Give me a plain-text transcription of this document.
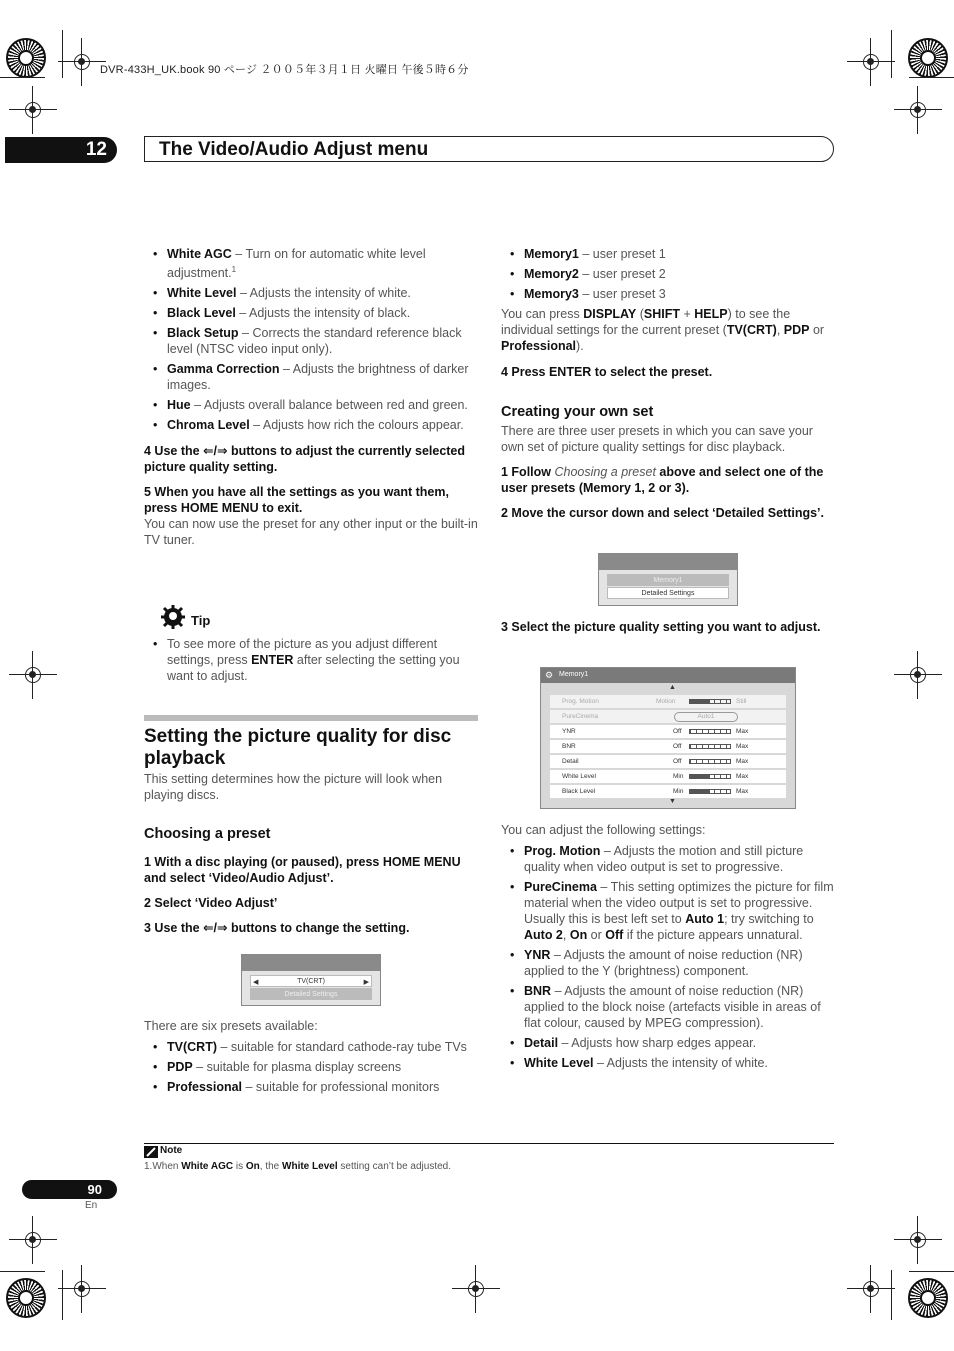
DVR-433H_UK.book 90 ページ ２００５年３月１日 火曜日 午後５時６分
12	The Video/Audio Adjust menu
• White AGC – Turn on for automatic white level adjustment.$^1$
• White Level – Adjusts the intensity of white.
• Black Level – Adjusts the intensity of black.
• Black Setup – Corrects the standard reference black level (NTSC video input only).
• Gamma Correction – Adjusts the brightness of darker images.
• Hue – Adjusts overall balance between red and green.
• Chroma Level – Adjusts how rich the colours appear.

4 Use the ⇐/⇒ buttons to adjust the currently selected picture quality setting.

5 When you have all the settings as you want them, press HOME MENU to exit.

You can now use the preset for any other input or the built-in TV tuner.

Tip
• To see more of the picture as you adjust different settings, press ENTER after selecting the setting you want to adjust.
Setting the picture quality for disc playback

This setting determines how the picture will look when playing discs.

Choosing a preset

1 With a disc playing (or paused), press HOME MENU and select ‘Video/Audio Adjust’.

2 Select ‘Video Adjust’

3 Use the ⇐/⇒ buttons to change the setting.

◀	TV(CRT)	▶
Detailed Settings

There are six presets available:

• TV(CRT) – suitable for standard cathode-ray tube TVs
• PDP – suitable for plasma display screens
• Professional – suitable for professional monitors
• Memory1 – user preset 1
• Memory2 – user preset 2
• Memory3 – user preset 3

You can press DISPLAY (SHIFT + HELP) to see the individual settings for the current preset (TV(CRT), PDP or Professional).

4 Press ENTER to select the preset.

Creating your own set

There are three user presets in which you can save your own set of picture quality settings for disc playback.

1 Follow Choosing a preset above and select one of the user presets (Memory 1, 2 or 3).

2 Move the cursor down and select ‘Detailed Settings’.

Memory1
Detailed Settings

3 Select the picture quality setting you want to adjust.

⚙ Memory1
▲
Prog. Motion	Motion	Still
PureCinema	Auto1
YNR	Off	Max
BNR	Off	Max
Detail	Off	Max
White Level	Min	Max
Black Level	Min	Max
▼

You can adjust the following settings:

• Prog. Motion – Adjusts the motion and still picture quality when video output is set to progressive.
• PureCinema – This setting optimizes the picture for film material when the video output is set to progressive. Usually this is best left set to Auto 1; try switching to Auto 2, On or Off if the picture appears unnatural.
• YNR – Adjusts the amount of noise reduction (NR) applied to the Y (brightness) component.
• BNR – Adjusts the amount of noise reduction (NR) applied to the block noise (artefacts visible in areas of flat colour, caused by MPEG compression).
• Detail – Adjusts how sharp edges appear.
• White Level – Adjusts the intensity of white.
Note
1.When White AGC is On, the White Level setting can’t be adjusted.
90
En
